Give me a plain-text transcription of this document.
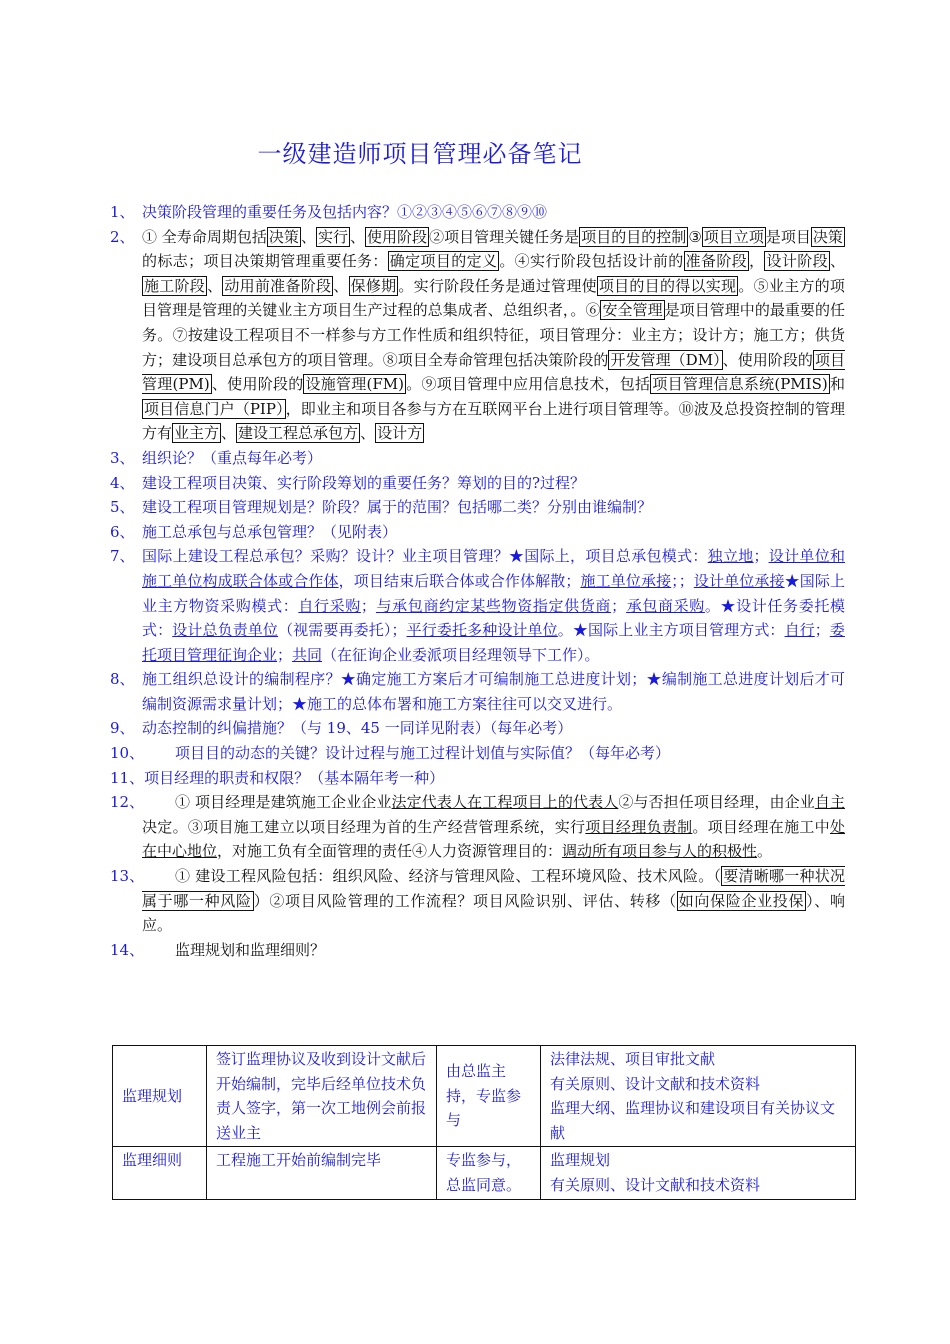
一级建造师项目管理必备笔记
1、 决策阶段管理的重要任务及包括内容？①②③④⑤⑥⑦⑧⑨⑩
2、 ① 全寿命周期包括 决策 、 实行 、 使用阶段 ②项目管理关键任务是 项目的目的控制 ③ 项目立项 是项目 决策的标志；项目决策期管理重要任务： 确定项目的定义 。④实行阶段包括设计前的 准备阶段 ， 设计阶段 、施工阶段 、 动用前准备阶段 、 保修期 。实行阶段任务是通过管理使 项目的目的得以实现 。⑤业主方的项目管理是管理的关键业主方项目生产过程的总集成者、总组织者，。⑥ 安全管理 是项目管理中的最重要的任务。⑦按建设工程项目不一样参与方工作性质和组织特征，项目管理分：业主方；设计方；施工方；供货方；建设项目总承包方的项目管理。⑧项目全寿命管理包括决策阶段的 开发管理（DM） 、使用阶段的 项目管理(PM) 、使用阶段的 设施管理(FM) 。⑨项目管理中应用信息技术，包括 项目管理信息系统(PMIS) 和项目信息门户（PIP） ，即业主和项目各参与方在互联网平台上进行项目管理等。⑩波及总投资控制的管理方有 业主方 、 建设工程总承包方 、 设计方
3、 组织论？（重点每年必考）
4、 建设工程项目决策、实行阶段筹划的重要任务？筹划的目的?过程？
5、 建设工程项目管理规划是？阶段？属于的范围？包括哪二类？分别由谁编制？
6、 施工总承包与总承包管理？（见附表）
7、 国际上建设工程总承包？采购？设计？业主项目管理？★国际上，项目总承包模式：独立地；设计单位和施工单位构成联合体或合作体，项目结束后联合体或合作体解散；施工单位承接；；设计单位承接★国际上业主方物资采购模式：自行采购；与承包商约定某些物资指定供货商；承包商采购。★设计任务委托模式：设计总负责单位（视需要再委托）；平行委托多种设计单位。★国际上业主方项目管理方式：自行；委托项目管理征询企业；共同（在征询企业委派项目经理领导下工作）。
8、 施工组织总设计的编制程序？★确定施工方案后才可编制施工总进度计划；★编制施工总进度计划后才可编制资源需求量计划；★施工的总体布署和施工方案往往可以交叉进行。
9、 动态控制的纠偏措施？（与 19、45 一同详见附表）（每年必考）
10、	项目目的动态的关键？设计过程与施工过程计划值与实际值？（每年必考）
11、项目经理的职责和权限？（基本隔年考一种）
12、	① 项目经理是建筑施工企业企业法定代表人在工程项目上的代表人②与否担任项目经理，由企业自主决定。③项目施工建立以项目经理为首的生产经营管理系统，实行项目经理负责制。项目经理在施工中处在中心地位，对施工负有全面管理的责任④人力资源管理目的：调动所有项目参与人的积极性。
13、	① 建设工程风险包括：组织风险、经济与管理风险、工程环境风险、技术风险。（ 要清晰哪一种状况属于哪一种风险 ）②项目风险管理的工作流程？项目风险识别、评估、转移（ 如向保险企业投保 ）、响应。
14、	监理规划和监理细则？
监理规划	签订监理协议及收到设计文献后开始编制，完毕后经单位技术负责人签字，第一次工地例会前报送业主	由总监主持，专监参与	法律法规、项目审批文献
有关原则、设计文献和技术资料
监理大纲、监理协议和建设项目有关协议文献

监理细则	工程施工开始前编制完毕	专监参与，总监同意。	监理规划
有关原则、设计文献和技术资料
